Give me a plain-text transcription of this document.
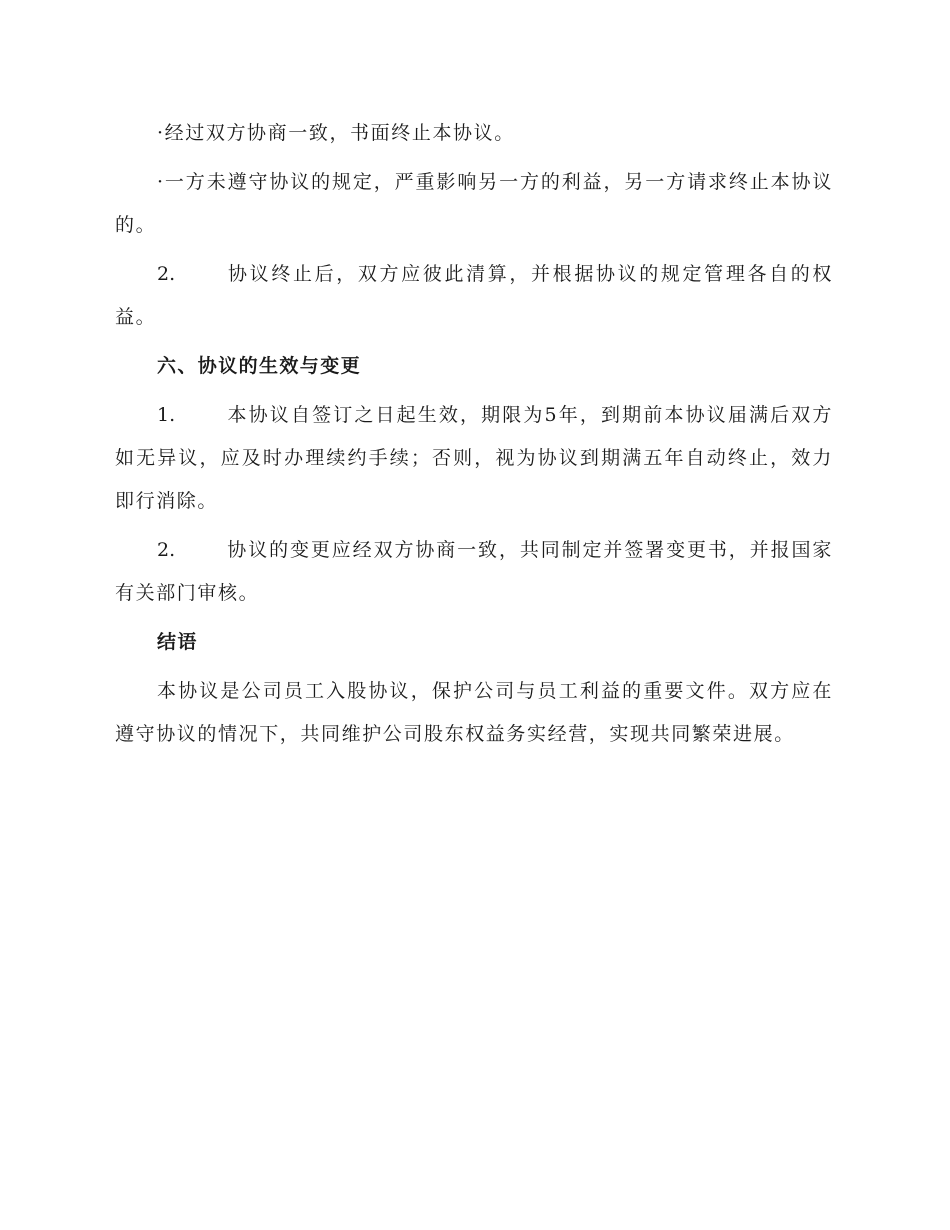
·经过双方协商一致，书面终止本协议。

·一方未遵守协议的规定，严重影响另一方的利益，另一方请求终止本协议的。

2.	协议终止后，双方应彼此清算，并根据协议的规定管理各自的权益。

六、协议的生效与变更

1.	本协议自签订之日起生效，期限为5年，到期前本协议届满后双方如无异议，应及时办理续约手续；否则，视为协议到期满五年自动终止，效力即行消除。

2.	协议的变更应经双方协商一致，共同制定并签署变更书，并报国家有关部门审核。

结语

本协议是公司员工入股协议，保护公司与员工利益的重要文件。双方应在遵守协议的情况下，共同维护公司股东权益务实经营，实现共同繁荣进展。
